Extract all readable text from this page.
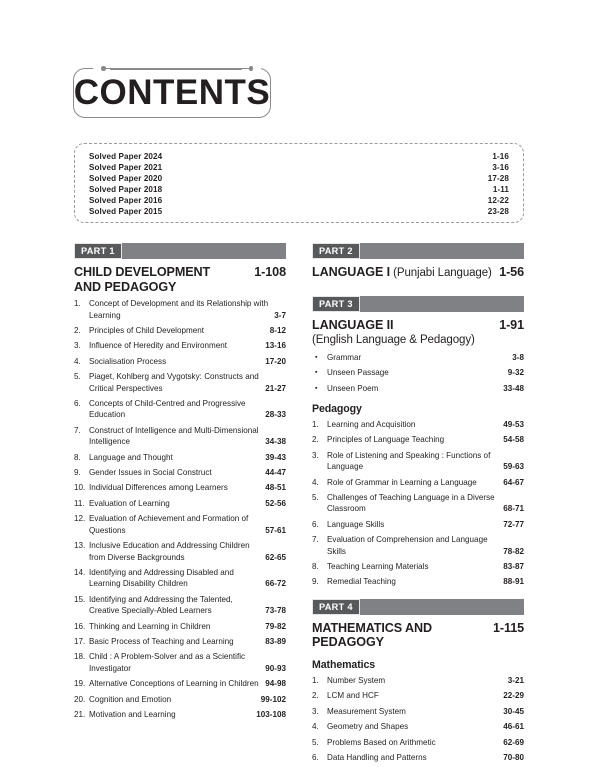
CONTENTS
Solved Paper 2024	1-16
Solved Paper 2021	3-16
Solved Paper 2020	17-28
Solved Paper 2018	1-11
Solved Paper 2016	12-22
Solved Paper 2015	23-28
PART 1
CHILD DEVELOPMENT
AND PEDAGOGY
1-108
1.	Concept of Development and its Relationship with Learning	3-7
2.	Principles of Child Development	8-12
3.	Influence of Heredity and Environment	13-16
4.	Socialisation Process	17-20
5.	Piaget, Kohlberg and Vygotsky: Constructs and Critical Perspectives	21-27
6.	Concepts of Child-Centred and Progressive Education	28-33
7.	Construct of Intelligence and Multi-Dimensional Intelligence	34-38
8.	Language and Thought	39-43
9.	Gender Issues in Social Construct	44-47
10. Individual Differences among Learners	48-51
11. Evaluation of Learning	52-56
12. Evaluation of Achievement and Formation of Questions	57-61
13. Inclusive Education and Addressing Children from Diverse Backgrounds	62-65
14. Identifying and Addressing Disabled and Learning Disability Children	66-72
15. Identifying and Addressing the Talented, Creative Specially-Abled Learners	73-78
16. Thinking and Learning in Children	79-82
17. Basic Process of Teaching and Learning	83-89
18. Child : A Problem-Solver and as a Scientific Investigator	90-93
19. Alternative Conceptions of Learning in Children 94-98
20. Cognition and Emotion	99-102
21. Motivation and Learning	103-108
PART 2
LANGUAGE I (Punjabi Language) 1-56
PART 3
LANGUAGE II
(English Language & Pedagogy)
1-91
▪	Grammar	3-8
▪	Unseen Passage	9-32
▪	Unseen Poem	33-48
Pedagogy
1.	Learning and Acquisition	49-53
2.	Principles of Language Teaching	54-58
3.	Role of Listening and Speaking : Functions of Language	59-63
4.	Role of Grammar in Learning a Language	64-67
5.	Challenges of Teaching Language in a Diverse Classroom	68-71
6.	Language Skills	72-77
7.	Evaluation of Comprehension and Language Skills	78-82
8.	Teaching Learning Materials	83-87
9.	Remedial Teaching	88-91
PART 4
MATHEMATICS AND PEDAGOGY
1-115
Mathematics
1.	Number System	3-21
2.	LCM and HCF	22-29
3.	Measurement System	30-45
4.	Geometry and Shapes	46-61
5.	Problems Based on Arithmetic	62-69
6.	Data Handling and Patterns	70-80
